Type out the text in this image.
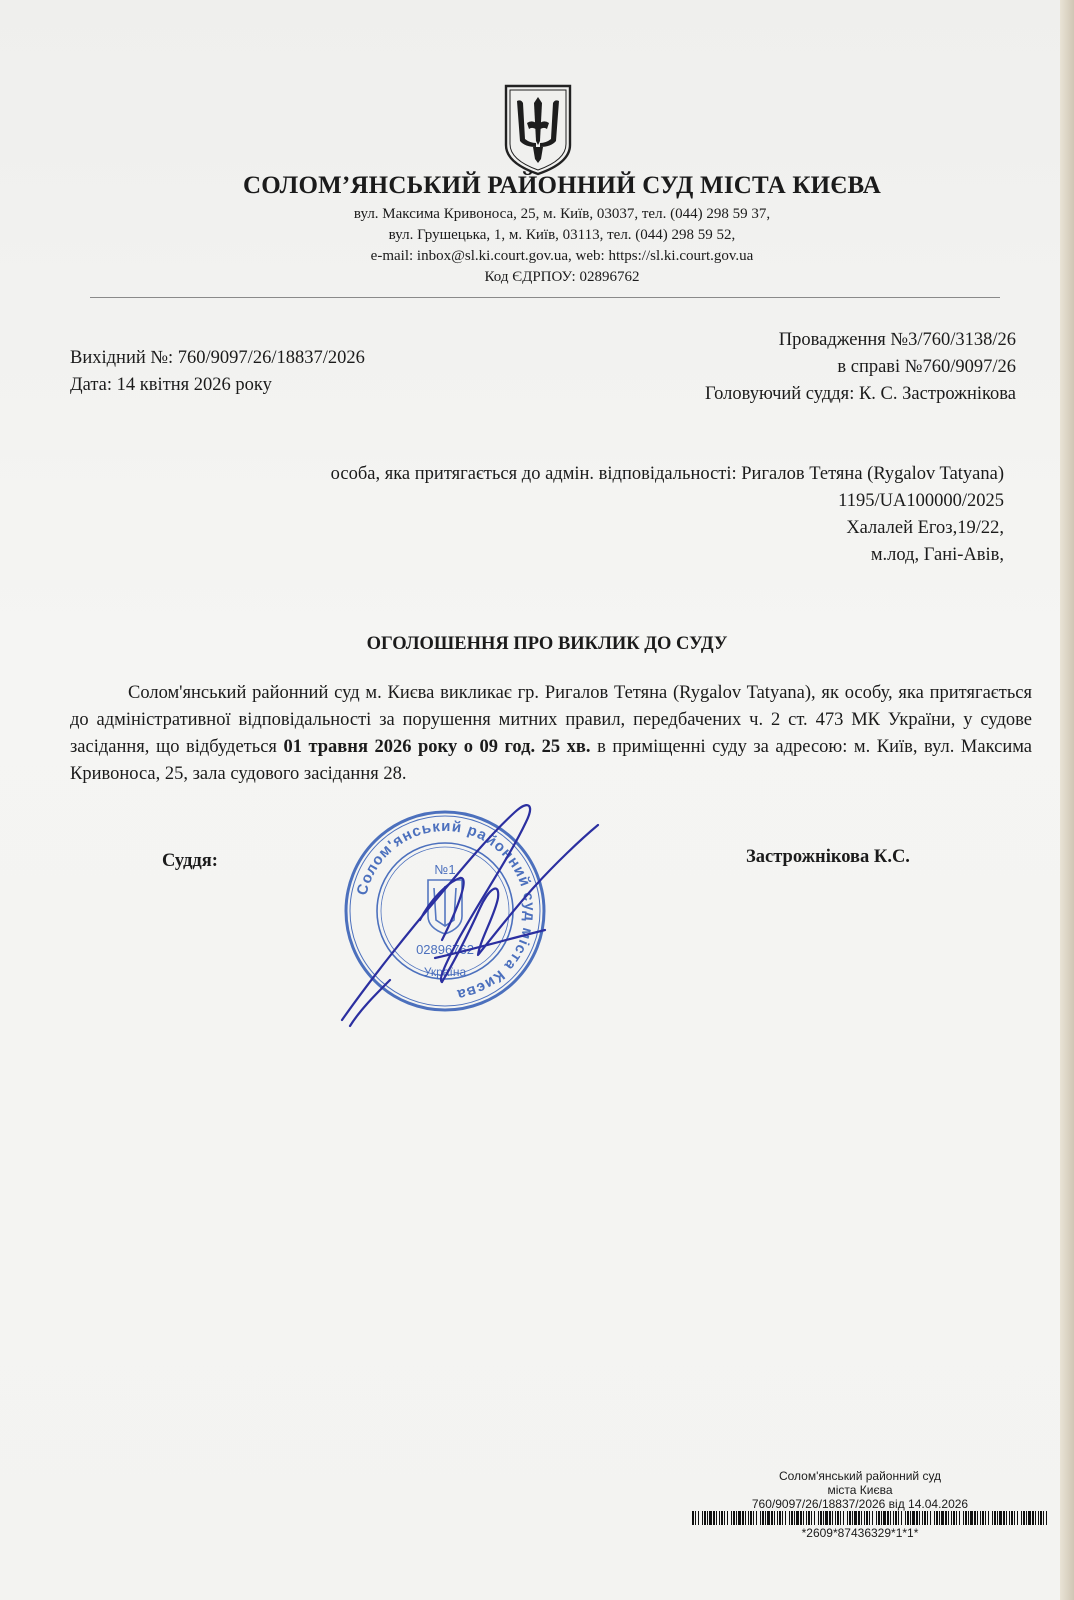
СОЛОМ’ЯНСЬКИЙ РАЙОННИЙ СУД МІСТА КИЄВА
вул. Максима Кривоноса, 25, м. Київ, 03037, тел. (044) 298 59 37,
вул. Грушецька, 1, м. Київ, 03113, тел. (044) 298 59 52,
e-mail: inbox@sl.ki.court.gov.ua, web: https://sl.ki.court.gov.ua
Код ЄДРПОУ: 02896762
Вихідний №: 760/9097/26/18837/2026
Дата: 14 квітня 2026 року
Провадження №3/760/3138/26
в справі №760/9097/26
Головуючий суддя: К. С. Застрожнікова
особа, яка притягається до адмін. відповідальності: Ригалов Тетяна (Rygalov Tatyana)
1195/UA100000/2025
Халалей Егоз,19/22,
м.лод, Гані-Авів,
ОГОЛОШЕННЯ ПРО ВИКЛИК ДО СУДУ
Солом'янський районний суд м. Києва викликає гр. Ригалов Тетяна (Rygalov Tatyana), як особу, яка притягається до адміністративної відповідальності за порушення митних правил, передбачених ч. 2 ст. 473 МК України, у судове засідання, що відбудеться 01 травня 2026 року о 09 год. 25 хв. в приміщенні суду за адресою: м. Київ, вул. Максима Кривоноса, 25, зала судового засідання 28.
Суддя:	Застрожнікова К.С.
Солом'янський районний суд міста Києва
№1
02896762
Україна
Солом'янський районний суд
міста Києва
760/9097/26/18837/2026 від 14.04.2026
*2609*87436329*1*1*
